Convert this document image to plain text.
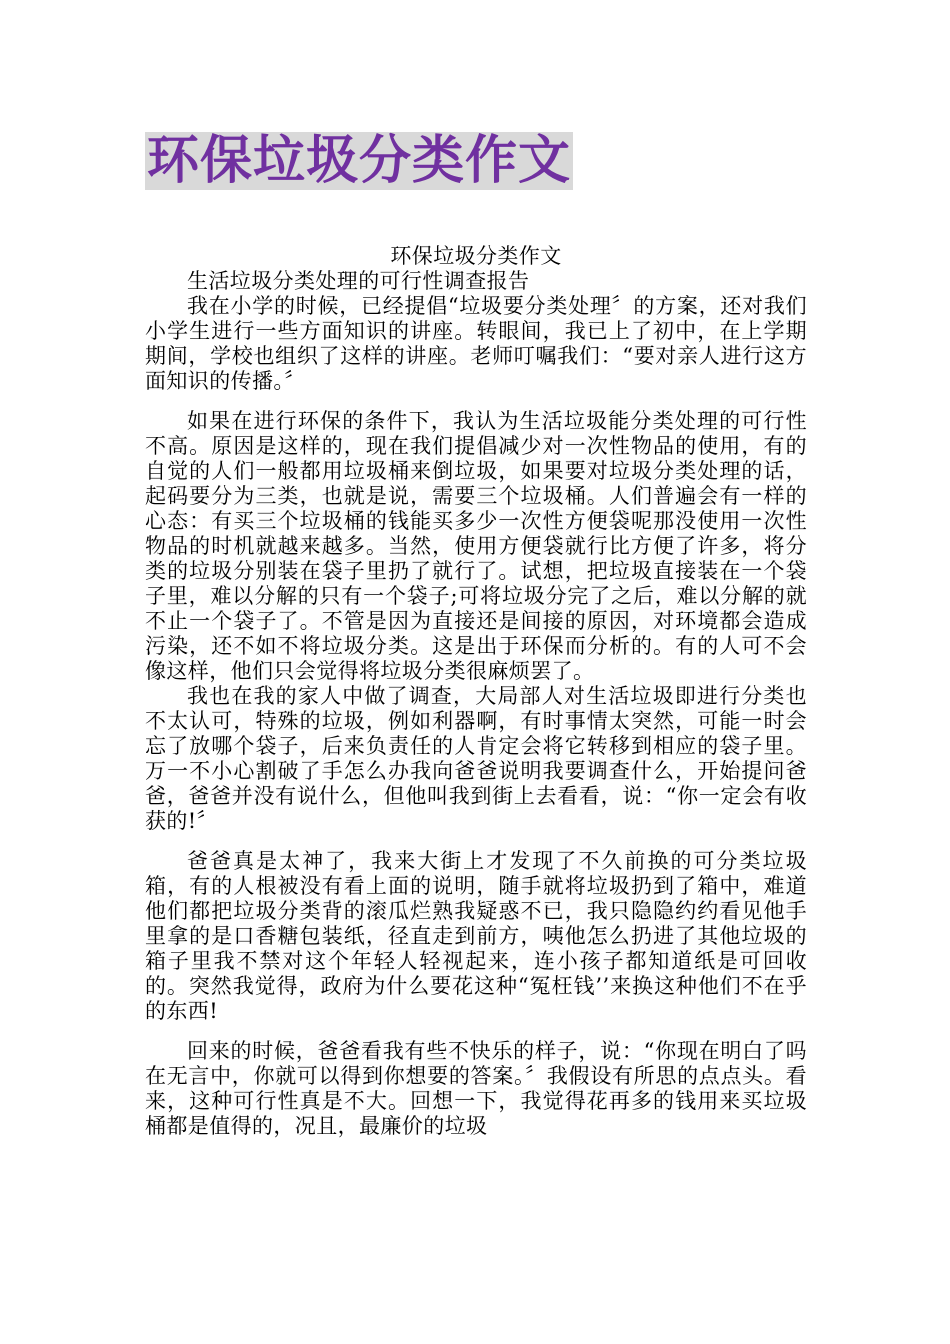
环保垃圾分类作文

环保垃圾分类作文

生活垃圾分类处理的可行性调查报告

我在小学的时候，已经提倡“垃圾要分类处理〞的方案，还对我们小学生进行一些方面知识的讲座。转眼间，我已上了初中，在上学期期间，学校也组织了这样的讲座。老师叮嘱我们：“要对亲人进行这方面知识的传播。〞

如果在进行环保的条件下，我认为生活垃圾能分类处理的可行性不高。原因是这样的，现在我们提倡减少对一次性物品的使用，有的自觉的人们一般都用垃圾桶来倒垃圾，如果要对垃圾分类处理的话，起码要分为三类，也就是说，需要三个垃圾桶。人们普遍会有一样的心态：有买三个垃圾桶的钱能买多少一次性方便袋呢那没使用一次性物品的时机就越来越多。当然，使用方便袋就行比方便了许多，将分类的垃圾分别装在袋子里扔了就行了。试想，把垃圾直接装在一个袋子里，难以分解的只有一个袋子;可将垃圾分完了之后，难以分解的就不止一个袋子了。不管是因为直接还是间接的原因，对环境都会造成污染，还不如不将垃圾分类。这是出于环保而分析的。有的人可不会像这样，他们只会觉得将垃圾分类很麻烦罢了。

我也在我的家人中做了调查，大局部人对生活垃圾即进行分类也不太认可，特殊的垃圾，例如利器啊，有时事情太突然，可能一时会忘了放哪个袋子，后来负责任的人肯定会将它转移到相应的袋子里。万一不小心割破了手怎么办我向爸爸说明我要调查什么，开始提问爸爸，爸爸并没有说什么，但他叫我到街上去看看，说：“你一定会有收获的!〞

爸爸真是太神了，我来大街上才发现了不久前换的可分类垃圾箱，有的人根被没有看上面的说明，随手就将垃圾扔到了箱中，难道他们都把垃圾分类背的滚瓜烂熟我疑惑不已，我只隐隐约约看见他手里拿的是口香糖包装纸，径直走到前方，咦他怎么扔进了其他垃圾的箱子里我不禁对这个年轻人轻视起来，连小孩子都知道纸是可回收的。突然我觉得，政府为什么要花这种“冤枉钱’’来换这种他们不在乎的东西!

回来的时候，爸爸看我有些不快乐的样子，说：“你现在明白了吗在无言中，你就可以得到你想要的答案。〞我假设有所思的点点头。看来，这种可行性真是不大。回想一下，我觉得花再多的钱用来买垃圾桶都是值得的，况且，最廉价的垃圾
